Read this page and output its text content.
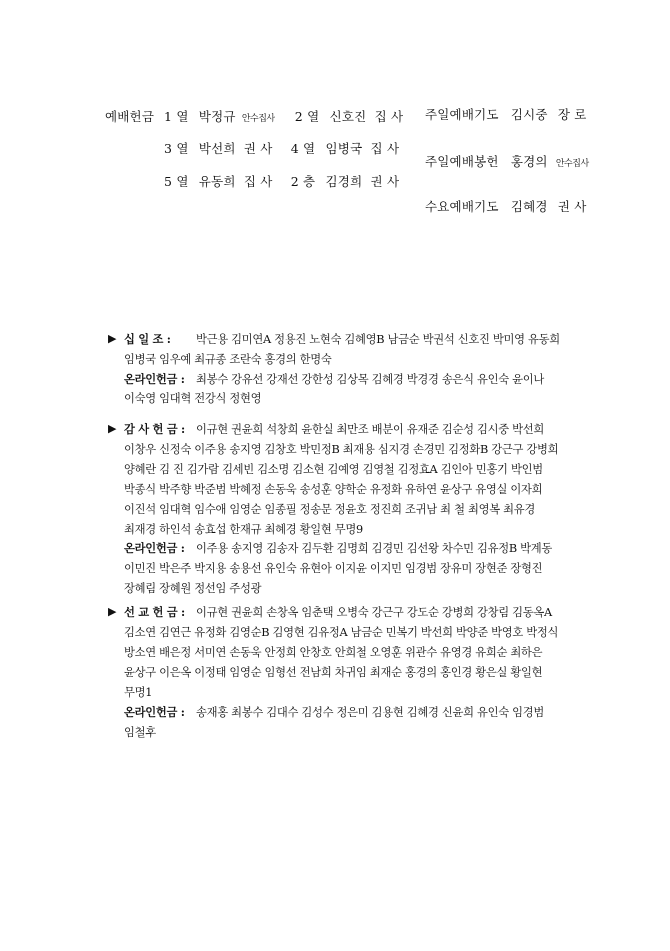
예배헌금 1 열 박정규 안수집사 2 열 신호진 집 사
3 열 박선희 권 사 4 열 임병국 집 사
5 열 유동희 집 사 2 층 김경희 권 사
주일예배기도 김시중 장 로
주일예배봉헌 홍경의 안수집사
수요예배기도 김혜경 권 사
▶ 십 일 조 : 박근용 김미연A 정용진 노현숙 김혜영B 남금순 박권석 신호진 박미영 유동희
임병국 임우예 최규종 조란숙 홍경의 한명숙
온라인헌금 : 최봉수 강유선 강재선 강한성 김상목 김혜경 박경경 송은식 유인숙 윤이나
이숙영 임대혁 전강식 정현영
▶ 감 사 헌 금 : 이규현 권윤희 석창희 윤한실 최만조 배분이 유재준 김순성 김시중 박선희
이창우 신정숙 이주용 송지영 김창호 박민정B 최재용 심지경 손경민 김정화B 강근구 강병희
양혜란 김 진 김가람 김세빈 김소명 김소현 김예영 김영철 김정효A 김인아 민홍기 박인범
박종식 박주향 박준범 박혜정 손동욱 송성훈 양학순 유정화 유하연 윤상구 유영실 이자희
이진석 임대혁 임수애 임영순 임종필 정송문 정윤호 정진희 조귀남 최 철 최영복 최유경
최재경 하인석 송효섭 한재규 최혜경 황일현 무명9
온라인헌금 : 이주용 송지영 김송자 김두환 김명희 김경민 김선왕 차수민 김유정B 박계동
이민진 박은주 박지용 송용선 유인숙 유현아 이지윤 이지민 임경범 장유미 장현준 장형진
장혜림 장혜원 정선임 주성광
▶ 선 교 헌 금 : 이규현 권윤희 손창옥 임춘택 오병숙 강근구 강도순 강병희 강창림 김동옥A
김소연 김연근 유정화 김영순B 김영현 김유정A 남금순 민복기 박선희 박양준 박영호 박정식
방소연 배은정 서미연 손동욱 안정희 안창호 안희철 오영훈 위관수 유영경 유희순 최하은
윤상구 이은옥 이정태 임영순 임형선 전남희 차귀임 최재순 홍경의 홍인경 황은실 황일현
무명1
온라인헌금 : 송재홍 최봉수 김대수 김성수 정은미 김용현 김혜경 신윤희 유인숙 임경범
임철후
